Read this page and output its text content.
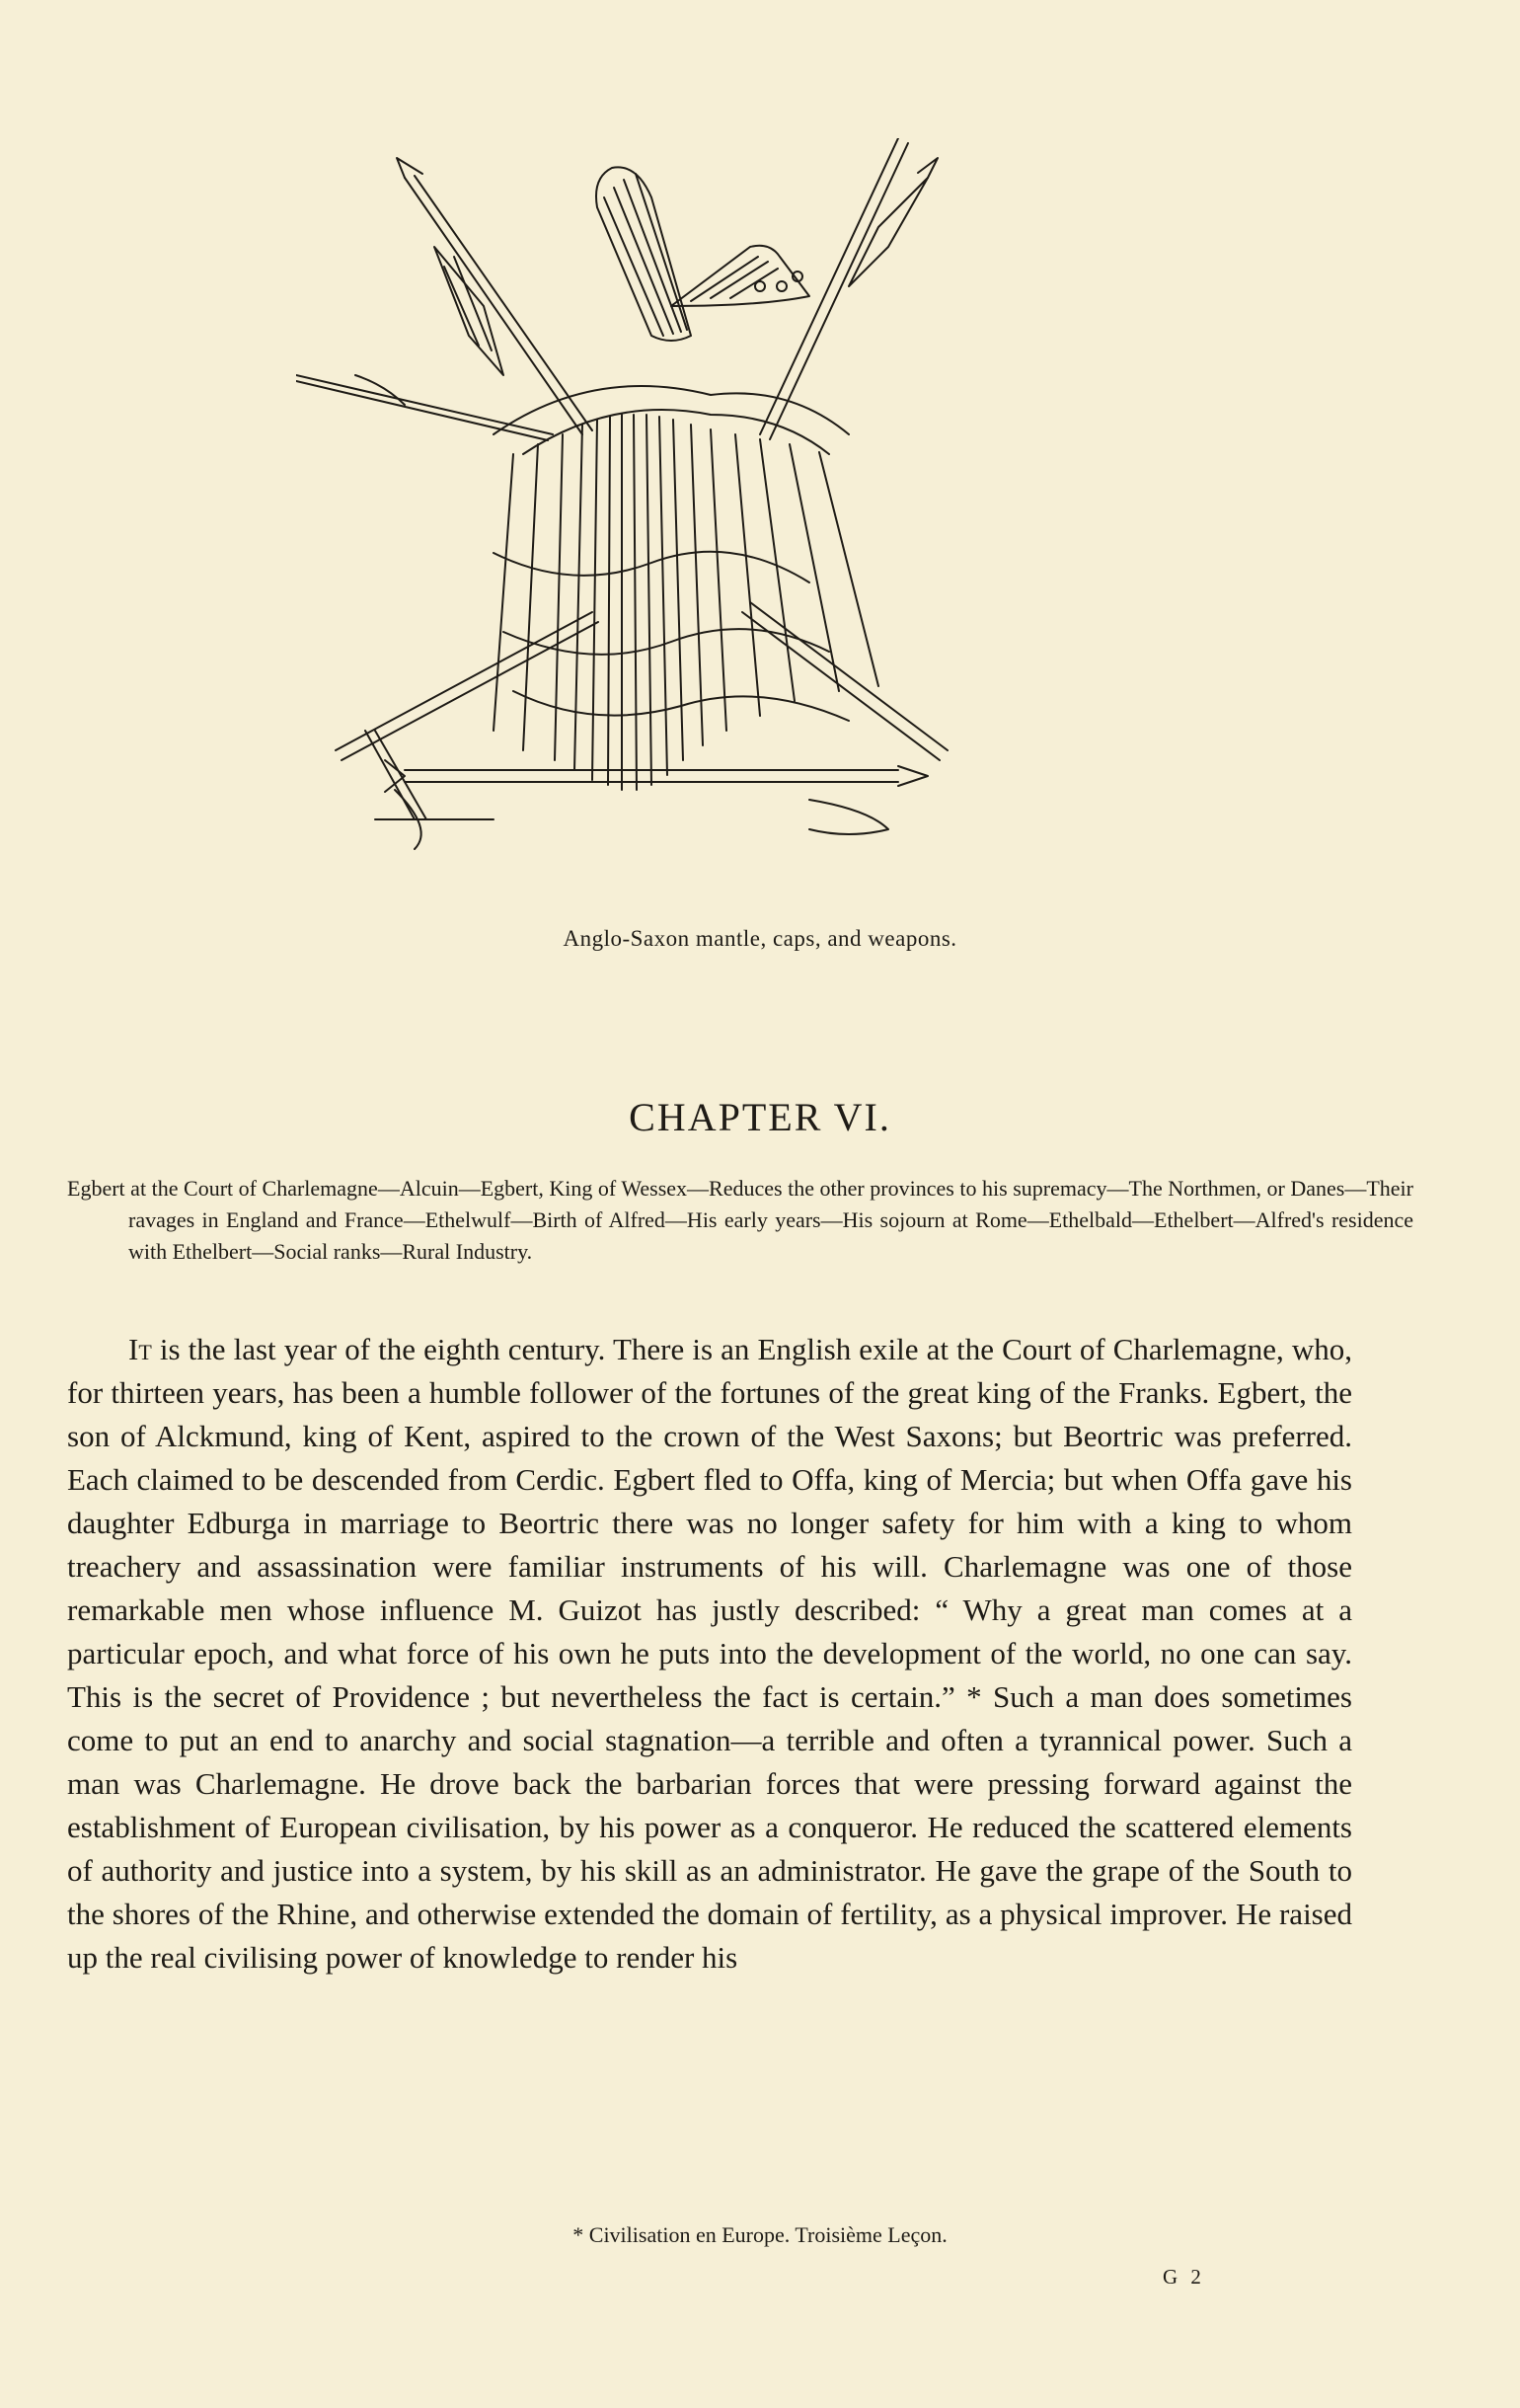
Anglo-Saxon mantle, caps, and weapons.
CHAPTER VI.

Egbert at the Court of Charlemagne—Alcuin—Egbert, King of Wessex—Reduces the other provinces to his supremacy—The Northmen, or Danes—Their ravages in England and France—Ethelwulf—Birth of Alfred—His early years—His sojourn at Rome—Ethelbald—Ethelbert—Alfred's residence with Ethelbert—Social ranks—Rural Industry.

It is the last year of the eighth century. There is an English exile at the Court of Charlemagne, who, for thirteen years, has been a humble follower of the fortunes of the great king of the Franks. Egbert, the son of Alckmund, king of Kent, aspired to the crown of the West Saxons; but Beortric was preferred. Each claimed to be descended from Cerdic. Egbert fled to Offa, king of Mercia; but when Offa gave his daughter Edburga in marriage to Beortric there was no longer safety for him with a king to whom treachery and assassination were familiar instruments of his will. Charlemagne was one of those remarkable men whose influence M. Guizot has justly described: “ Why a great man comes at a particular epoch, and what force of his own he puts into the development of the world, no one can say. This is the secret of Providence ; but nevertheless the fact is certain.” * Such a man does sometimes come to put an end to anarchy and social stagnation—a terrible and often a tyrannical power. Such a man was Charlemagne. He drove back the barbarian forces that were pressing forward against the establishment of European civilisation, by his power as a conqueror. He reduced the scattered elements of authority and justice into a system, by his skill as an administrator. He gave the grape of the South to the shores of the Rhine, and otherwise extended the domain of fertility, as a physical improver. He raised up the real civilising power of knowledge to render his

* Civilisation en Europe. Troisième Leçon.

G 2
